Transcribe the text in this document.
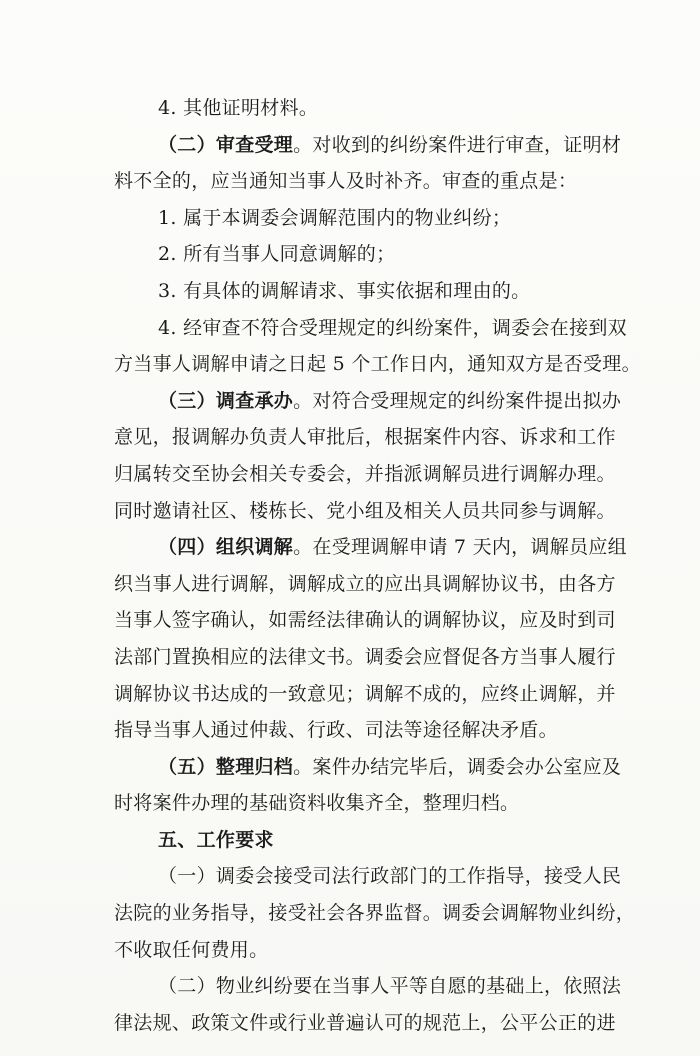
4. 其他证明材料。
（二）审查受理。对收到的纠纷案件进行审查，证明材
料不全的，应当通知当事人及时补齐。审查的重点是：
1. 属于本调委会调解范围内的物业纠纷；
2. 所有当事人同意调解的；
3. 有具体的调解请求、事实依据和理由的。
4. 经审查不符合受理规定的纠纷案件，调委会在接到双
方当事人调解申请之日起 5 个工作日内，通知双方是否受理。
（三）调查承办。对符合受理规定的纠纷案件提出拟办
意见，报调解办负责人审批后，根据案件内容、诉求和工作
归属转交至协会相关专委会，并指派调解员进行调解办理。
同时邀请社区、楼栋长、党小组及相关人员共同参与调解。
（四）组织调解。在受理调解申请 7 天内，调解员应组
织当事人进行调解，调解成立的应出具调解协议书，由各方
当事人签字确认，如需经法律确认的调解协议，应及时到司
法部门置换相应的法律文书。调委会应督促各方当事人履行
调解协议书达成的一致意见；调解不成的，应终止调解，并
指导当事人通过仲裁、行政、司法等途径解决矛盾。
（五）整理归档。案件办结完毕后，调委会办公室应及
时将案件办理的基础资料收集齐全，整理归档。
五、工作要求
（一）调委会接受司法行政部门的工作指导，接受人民
法院的业务指导，接受社会各界监督。调委会调解物业纠纷，
不收取任何费用。
（二）物业纠纷要在当事人平等自愿的基础上，依照法
律法规、政策文件或行业普遍认可的规范上，公平公正的进
